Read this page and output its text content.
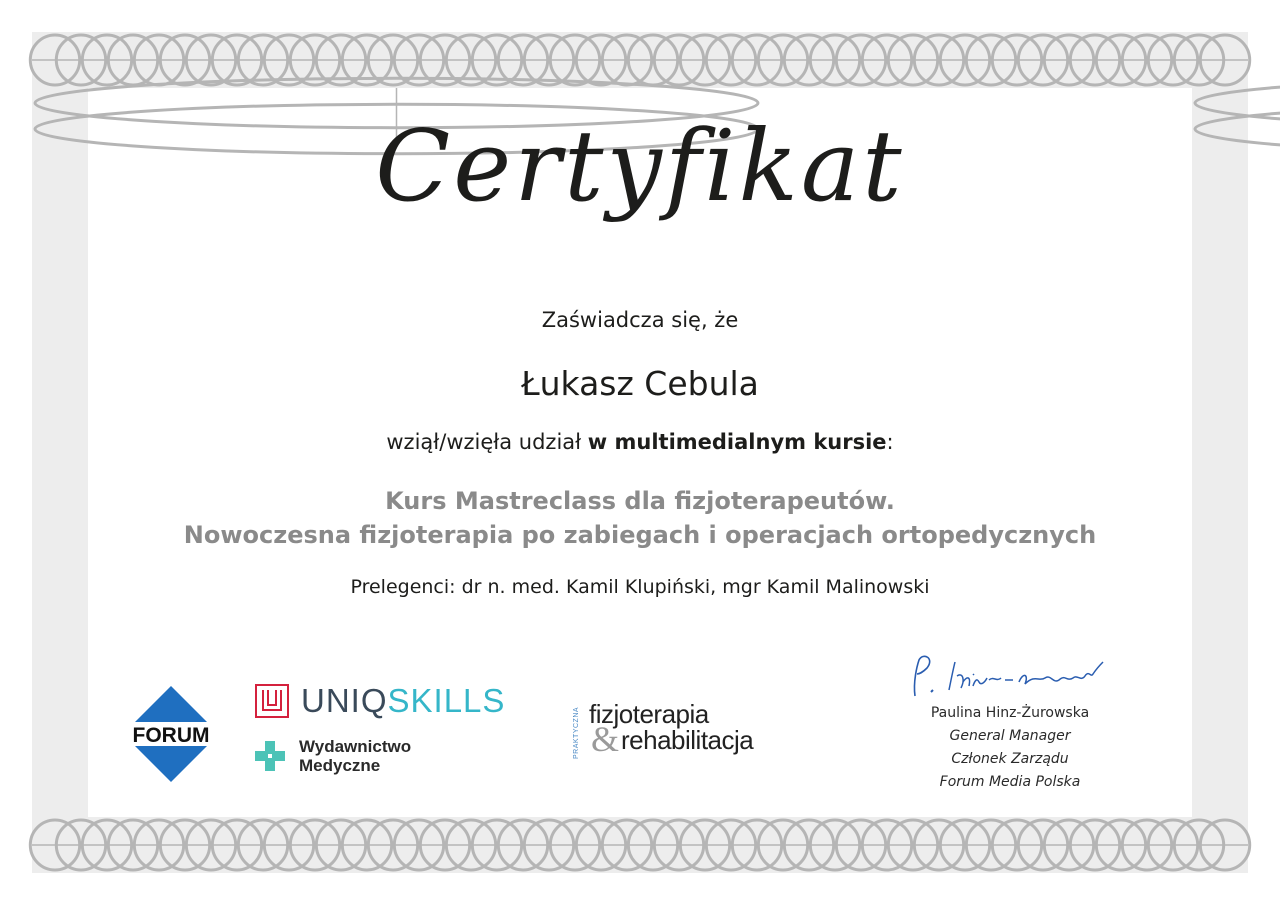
Certyfikat
Zaświadcza się, że
Łukasz Cebula
wziął/wzięła udział w multimedialnym kursie:
Kurs Mastreclass dla fizjoterapeutów.
Nowoczesna fizjoterapia po zabiegach i operacjach ortopedycznych
Prelegenci: dr n. med. Kamil Klupiński, mgr Kamil Malinowski
FORUM
UNIQSKILLS
Wydawnictwo
Medyczne
PRAKTYCZNA fizjoterapia
& rehabilitacja
Paulina Hinz-Żurowska
General Manager
Członek Zarządu
Forum Media Polska
